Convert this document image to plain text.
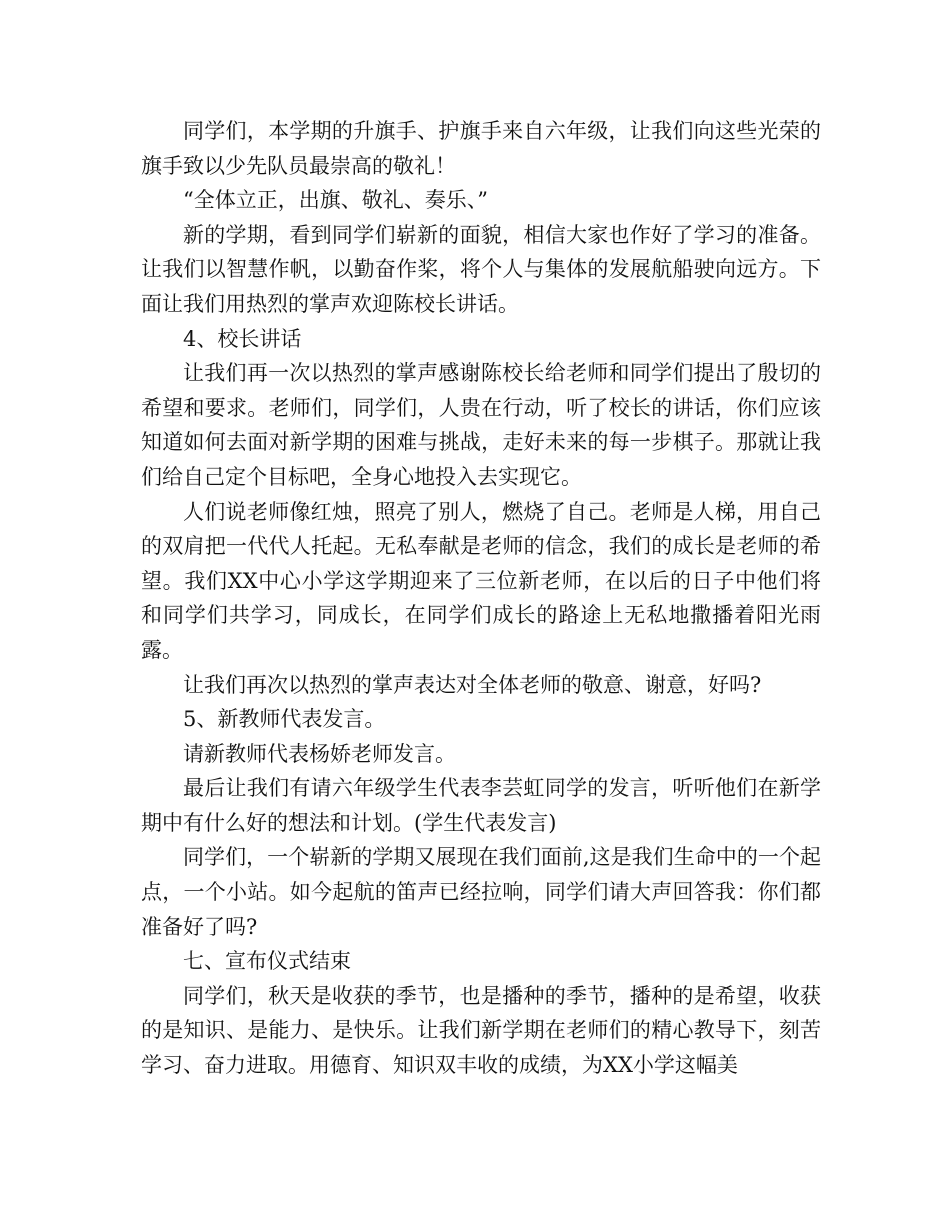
同学们，本学期的升旗手、护旗手来自六年级，让我们向这些光荣的旗手致以少先队员最崇高的敬礼！

“全体立正，出旗、敬礼、奏乐、”

新的学期，看到同学们崭新的面貌，相信大家也作好了学习的准备。让我们以智慧作帆，以勤奋作桨，将个人与集体的发展航船驶向远方。下面让我们用热烈的掌声欢迎陈校长讲话。

4、校长讲话

让我们再一次以热烈的掌声感谢陈校长给老师和同学们提出了殷切的希望和要求。老师们，同学们，人贵在行动，听了校长的讲话，你们应该知道如何去面对新学期的困难与挑战，走好未来的每一步棋子。那就让我们给自己定个目标吧，全身心地投入去实现它。

人们说老师像红烛，照亮了别人，燃烧了自己。老师是人梯，用自己的双肩把一代代人托起。无私奉献是老师的信念，我们的成长是老师的希望。我们XX中心小学这学期迎来了三位新老师，在以后的日子中他们将和同学们共学习，同成长，在同学们成长的路途上无私地撒播着阳光雨露。

让我们再次以热烈的掌声表达对全体老师的敬意、谢意，好吗?

5、新教师代表发言。

请新教师代表杨娇老师发言。

最后让我们有请六年级学生代表李芸虹同学的发言，听听他们在新学期中有什么好的想法和计划。(学生代表发言)

同学们，一个崭新的学期又展现在我们面前,这是我们生命中的一个起点，一个小站。如今起航的笛声已经拉响，同学们请大声回答我：你们都准备好了吗?

七、宣布仪式结束

同学们，秋天是收获的季节，也是播种的季节，播种的是希望，收获的是知识、是能力、是快乐。让我们新学期在老师们的精心教导下，刻苦学习、奋力进取。用德育、知识双丰收的成绩，为XX小学这幅美
